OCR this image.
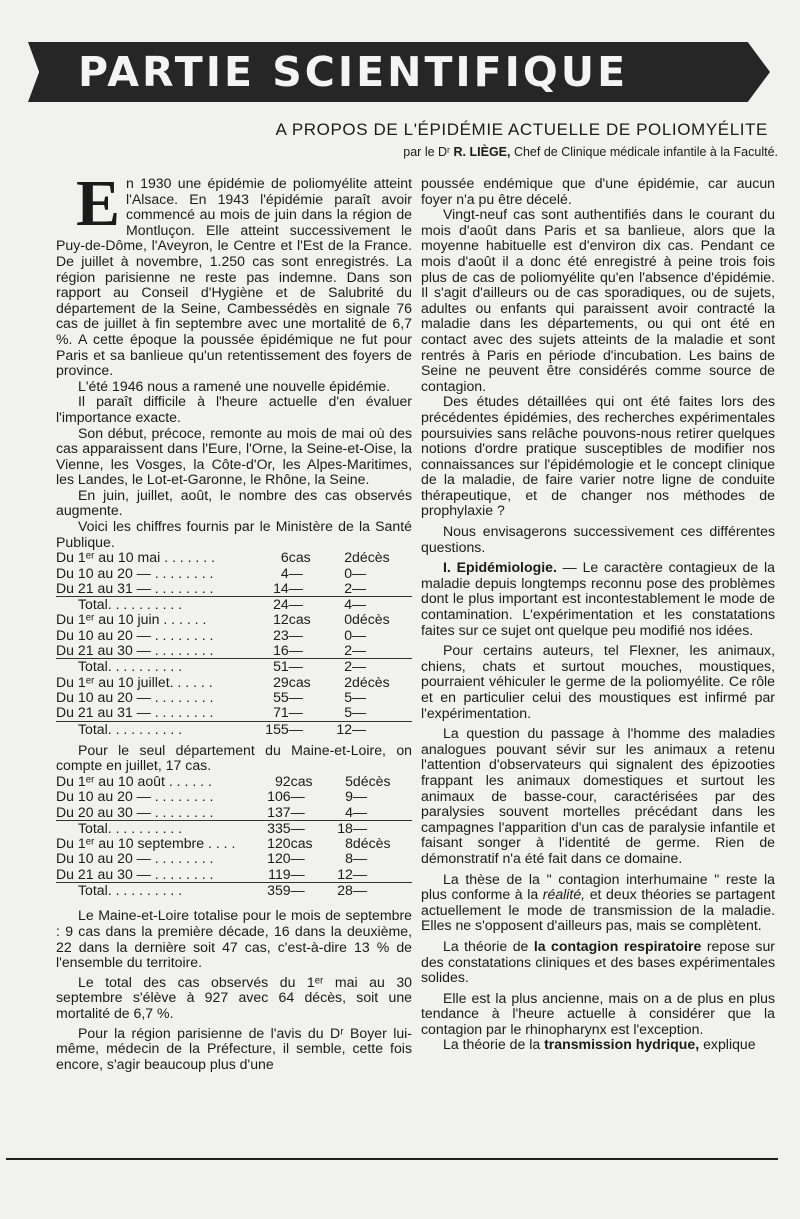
PARTIE SCIENTIFIQUE
A PROPOS DE L'ÉPIDÉMIE ACTUELLE DE POLIOMYÉLITE
par le Dʳ R. LIÈGE, Chef de Clinique médicale infantile à la Faculté.

En 1930 une épidémie de poliomyélite atteint l'Alsace. En 1943 l'épidémie paraît avoir commencé au mois de juin dans la région de Montluçon. Elle atteint successivement le Puy-de-Dôme, l'Aveyron, le Centre et l'Est de la France. De juillet à novembre, 1.250 cas sont enregistrés. La région parisienne ne reste pas indemne. Dans son rapport au Conseil d'Hygiène et de Salubrité du département de la Seine, Cambessédès en signale 76 cas de juillet à fin septembre avec une mortalité de 6,7 %. A cette époque la poussée épidémique ne fut pour Paris et sa banlieue qu'un retentissement des foyers de province.

L'été 1946 nous a ramené une nouvelle épidémie.

Il paraît difficile à l'heure actuelle d'en évaluer l'importance exacte.

Son début, précoce, remonte au mois de mai où des cas apparaissent dans l'Eure, l'Orne, la Seine-et-Oise, la Vienne, les Vosges, la Côte-d'Or, les Alpes-Maritimes, les Landes, le Lot-et-Garonne, le Rhône, la Seine.

En juin, juillet, août, le nombre des cas observés augmente.

Voici les chiffres fournis par le Ministère de la Santé Publique.

Du 1ᵉʳ au 10 mai . . . . . . .	6	cas	2	décès
Du 10 au 20 — . . . . . . . .	4	—	0	—
Du 21 au 31 — . . . . . . . .	14	—	2	—
Total. . . . . . . . . .	24	—	4	—
Du 1ᵉʳ au 10 juin . . . . . .	12	cas	0	décès
Du 10 au 20 — . . . . . . . .	23	—	0	—
Du 21 au 30 — . . . . . . . .	16	—	2	—
Total. . . . . . . . . .	51	—	2	—
Du 1ᵉʳ au 10 juillet. . . . . .	29	cas	2	décès
Du 10 au 20 — . . . . . . . .	55	—	5	—
Du 21 au 31 — . . . . . . . .	71	—	5	—
Total. . . . . . . . . .	155	—	12	—

Pour le seul département du Maine-et-Loire, on compte en juillet, 17 cas.

Du 1ᵉʳ au 10 août . . . . . .	92	cas	5	décès
Du 10 au 20 — . . . . . . . .	106	—	9	—
Du 20 au 30 — . . . . . . . .	137	—	4	—
Total. . . . . . . . . .	335	—	18	—
Du 1ᵉʳ au 10 septembre . . . .	120	cas	8	décès
Du 10 au 20 — . . . . . . . .	120	—	8	—
Du 21 au 30 — . . . . . . . .	119	—	12	—
Total. . . . . . . . . .	359	—	28	—

Le Maine-et-Loire totalise pour le mois de septembre : 9 cas dans la première décade, 16 dans la deuxième, 22 dans la dernière soit 47 cas, c'est-à-dire 13 % de l'ensemble du territoire.

Le total des cas observés du 1ᵉʳ mai au 30 septembre s'élève à 927 avec 64 décès, soit une mortalité de 6,7 %.

Pour la région parisienne de l'avis du Dʳ Boyer lui-même, médecin de la Préfecture, il semble, cette fois encore, s'agir beaucoup plus d'une

poussée endémique que d'une épidémie, car aucun foyer n'a pu être décelé.

Vingt-neuf cas sont authentifiés dans le courant du mois d'août dans Paris et sa banlieue, alors que la moyenne habituelle est d'environ dix cas. Pendant ce mois d'août il a donc été enregistré à peine trois fois plus de cas de poliomyélite qu'en l'absence d'épidémie. Il s'agit d'ailleurs ou de cas sporadiques, ou de sujets, adultes ou enfants qui paraissent avoir contracté la maladie dans les départements, ou qui ont été en contact avec des sujets atteints de la maladie et sont rentrés à Paris en période d'incubation. Les bains de Seine ne peuvent être considérés comme source de contagion.

Des études détaillées qui ont été faites lors des précédentes épidémies, des recherches expérimentales poursuivies sans relâche pouvons-nous retirer quelques notions d'ordre pratique susceptibles de modifier nos connaissances sur l'épidémologie et le concept clinique de la maladie, de faire varier notre ligne de conduite thérapeutique, et de changer nos méthodes de prophylaxie ?

Nous envisagerons successivement ces différentes questions.

I. Epidémiologie. — Le caractère contagieux de la maladie depuis longtemps reconnu pose des problèmes dont le plus important est incontestablement le mode de contamination. L'expérimentation et les constatations faites sur ce sujet ont quelque peu modifié nos idées.

Pour certains auteurs, tel Flexner, les animaux, chiens, chats et surtout mouches, moustiques, pourraient véhiculer le germe de la poliomyélite. Ce rôle et en particulier celui des moustiques est infirmé par l'expérimentation.

La question du passage à l'homme des maladies analogues pouvant sévir sur les animaux a retenu l'attention d'observateurs qui signalent des épizooties frappant les animaux domestiques et surtout les animaux de basse-cour, caractérisées par des paralysies souvent mortelles précédant dans les campagnes l'apparition d'un cas de paralysie infantile et faisant songer à l'identité de germe. Rien de démonstratif n'a été fait dans ce domaine.

La thèse de la " contagion interhumaine " reste la plus conforme à la réalité, et deux théories se partagent actuellement le mode de transmission de la maladie. Elles ne s'opposent d'ailleurs pas, mais se complètent.

La théorie de la contagion respiratoire repose sur des constatations cliniques et des bases expérimentales solides.

Elle est la plus ancienne, mais on a de plus en plus tendance à l'heure actuelle à considérer que la contagion par le rhinopharynx est l'exception.

La théorie de la transmission hydrique, explique
